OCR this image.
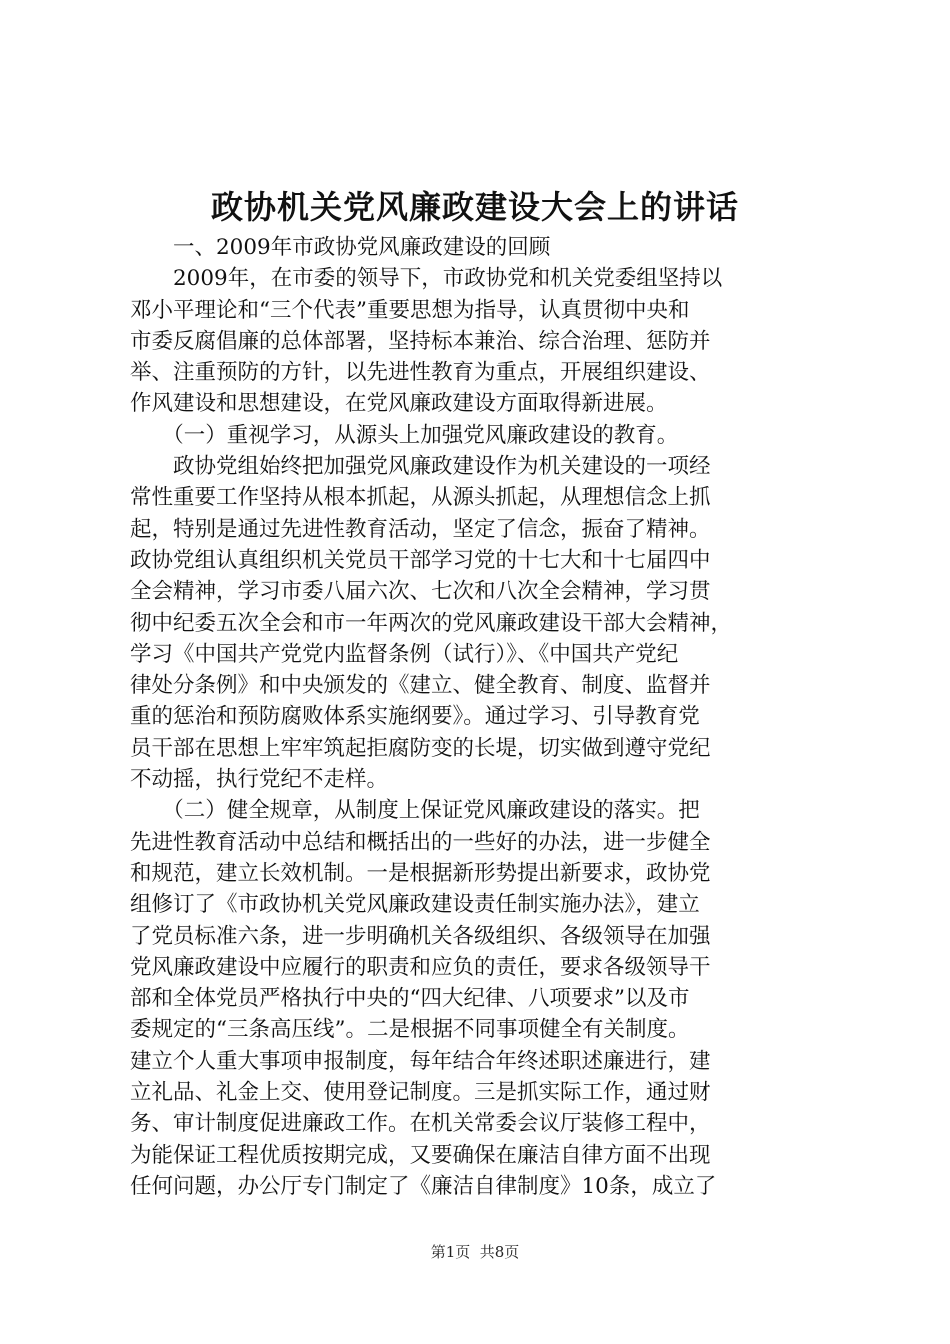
政协机关党风廉政建设大会上的讲话
　　一、2009年市政协党风廉政建设的回顾
　　2009年，在市委的领导下，市政协党和机关党委组坚持以
邓小平理论和“三个代表”重要思想为指导，认真贯彻中央和
市委反腐倡廉的总体部署，坚持标本兼治、综合治理、惩防并
举、注重预防的方针，以先进性教育为重点，开展组织建设、
作风建设和思想建设，在党风廉政建设方面取得新进展。
　　（一）重视学习，从源头上加强党风廉政建设的教育。
　　政协党组始终把加强党风廉政建设作为机关建设的一项经
常性重要工作坚持从根本抓起，从源头抓起，从理想信念上抓
起，特别是通过先进性教育活动，坚定了信念，振奋了精神。
政协党组认真组织机关党员干部学习党的十七大和十七届四中
全会精神，学习市委八届六次、七次和八次全会精神，学习贯
彻中纪委五次全会和市一年两次的党风廉政建设干部大会精神，
学习《中国共产党党内监督条例（试行）》、《中国共产党纪
律处分条例》和中央颁发的《建立、健全教育、制度、监督并
重的惩治和预防腐败体系实施纲要》。通过学习、引导教育党
员干部在思想上牢牢筑起拒腐防变的长堤，切实做到遵守党纪
不动摇，执行党纪不走样。
　　（二）健全规章，从制度上保证党风廉政建设的落实。把
先进性教育活动中总结和概括出的一些好的办法，进一步健全
和规范，建立长效机制。一是根据新形势提出新要求，政协党
组修订了《市政协机关党风廉政建设责任制实施办法》，建立
了党员标准六条，进一步明确机关各级组织、各级领导在加强
党风廉政建设中应履行的职责和应负的责任，要求各级领导干
部和全体党员严格执行中央的“四大纪律、八项要求”以及市
委规定的“三条高压线”。二是根据不同事项健全有关制度。
建立个人重大事项申报制度，每年结合年终述职述廉进行，建
立礼品、礼金上交、使用登记制度。三是抓实际工作，通过财
务、审计制度促进廉政工作。在机关常委会议厅装修工程中，
为能保证工程优质按期完成，又要确保在廉洁自律方面不出现
任何问题，办公厅专门制定了《廉洁自律制度》10条，成立了
第1页  共8页
